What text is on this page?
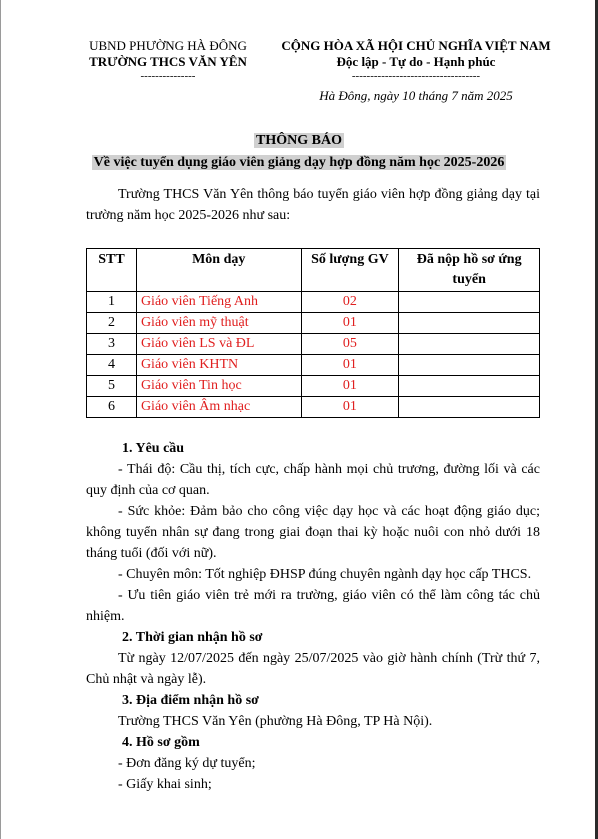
UBND PHƯỜNG HÀ ĐÔNG
TRƯỜNG THCS VĂN YÊN
---------------
CỘNG HÒA XÃ HỘI CHỦ NGHĨA VIỆT NAM
Độc lập - Tự do - Hạnh phúc
-----------------------------------
Hà Đông, ngày 10 tháng 7 năm 2025
THÔNG BÁO
Về việc tuyển dụng giáo viên giảng dạy hợp đồng năm học 2025-2026
Trường THCS Văn Yên thông báo tuyển giáo viên hợp đồng giảng dạy tại trường năm học 2025-2026 như sau:
STT	Môn dạy	Số lượng GV	Đã nộp hồ sơ ứng tuyển
1	Giáo viên Tiếng Anh	02	
2	Giáo viên mỹ thuật	01	
3	Giáo viên LS và ĐL	05	
4	Giáo viên KHTN	01	
5	Giáo viên Tin học	01	
6	Giáo viên Âm nhạc	01	
1. Yêu cầu
- Thái độ: Cầu thị, tích cực, chấp hành mọi chủ trương, đường lối và các quy định của cơ quan.
- Sức khỏe: Đảm bảo cho công việc dạy học và các hoạt động giáo dục; không tuyển nhân sự đang trong giai đoạn thai kỳ hoặc nuôi con nhỏ dưới 18 tháng tuổi (đối với nữ).
- Chuyên môn: Tốt nghiệp ĐHSP đúng chuyên ngành dạy học cấp THCS.
- Ưu tiên giáo viên trẻ mới ra trường, giáo viên có thể làm công tác chủ nhiệm.
2. Thời gian nhận hồ sơ
Từ ngày 12/07/2025 đến ngày 25/07/2025 vào giờ hành chính (Trừ thứ 7, Chủ nhật và ngày lễ).
3. Địa điểm nhận hồ sơ
Trường THCS Văn Yên (phường Hà Đông, TP Hà Nội).
4. Hồ sơ gồm
- Đơn đăng ký dự tuyển;
- Giấy khai sinh;
